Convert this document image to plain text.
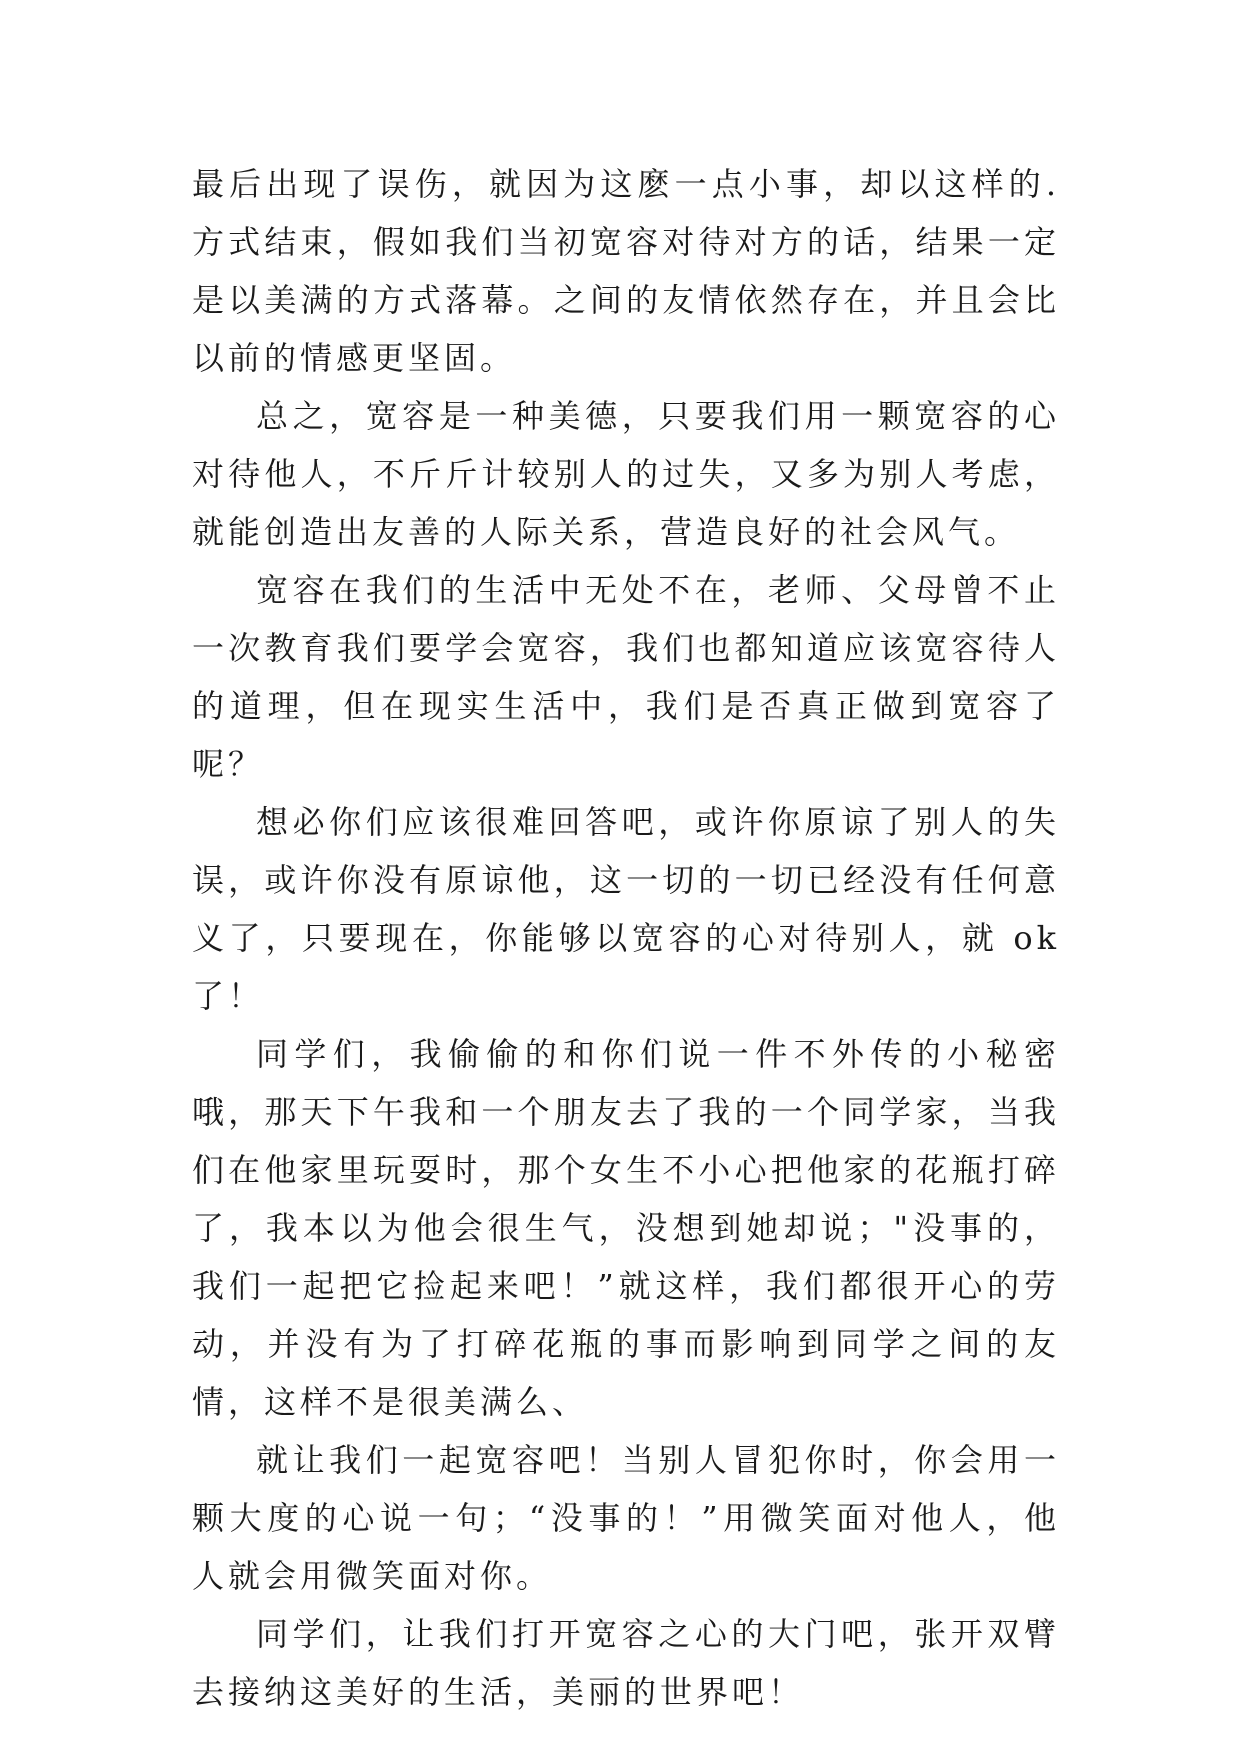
最后出现了误伤，就因为这麽一点小事，却以这样的.方式结束，假如我们当初宽容对待对方的话，结果一定是以美满的方式落幕。之间的友情依然存在，并且会比以前的情感更坚固。

总之，宽容是一种美德，只要我们用一颗宽容的心对待他人，不斤斤计较别人的过失，又多为别人考虑，就能创造出友善的人际关系，营造良好的社会风气。

宽容在我们的生活中无处不在，老师、父母曾不止一次教育我们要学会宽容，我们也都知道应该宽容待人的道理，但在现实生活中，我们是否真正做到宽容了呢？

想必你们应该很难回答吧，或许你原谅了别人的失误，或许你没有原谅他，这一切的一切已经没有任何意义了，只要现在，你能够以宽容的心对待别人，就 ok 了！

同学们，我偷偷的和你们说一件不外传的小秘密哦，那天下午我和一个朋友去了我的一个同学家，当我们在他家里玩耍时，那个女生不小心把他家的花瓶打碎了，我本以为他会很生气，没想到她却说；"没事的，我们一起把它捡起来吧！”就这样，我们都很开心的劳动，并没有为了打碎花瓶的事而影响到同学之间的友情，这样不是很美满么、

就让我们一起宽容吧！当别人冒犯你时，你会用一颗大度的心说一句；“没事的！”用微笑面对他人，他人就会用微笑面对你。

同学们，让我们打开宽容之心的大门吧，张开双臂去接纳这美好的生活，美丽的世界吧！
